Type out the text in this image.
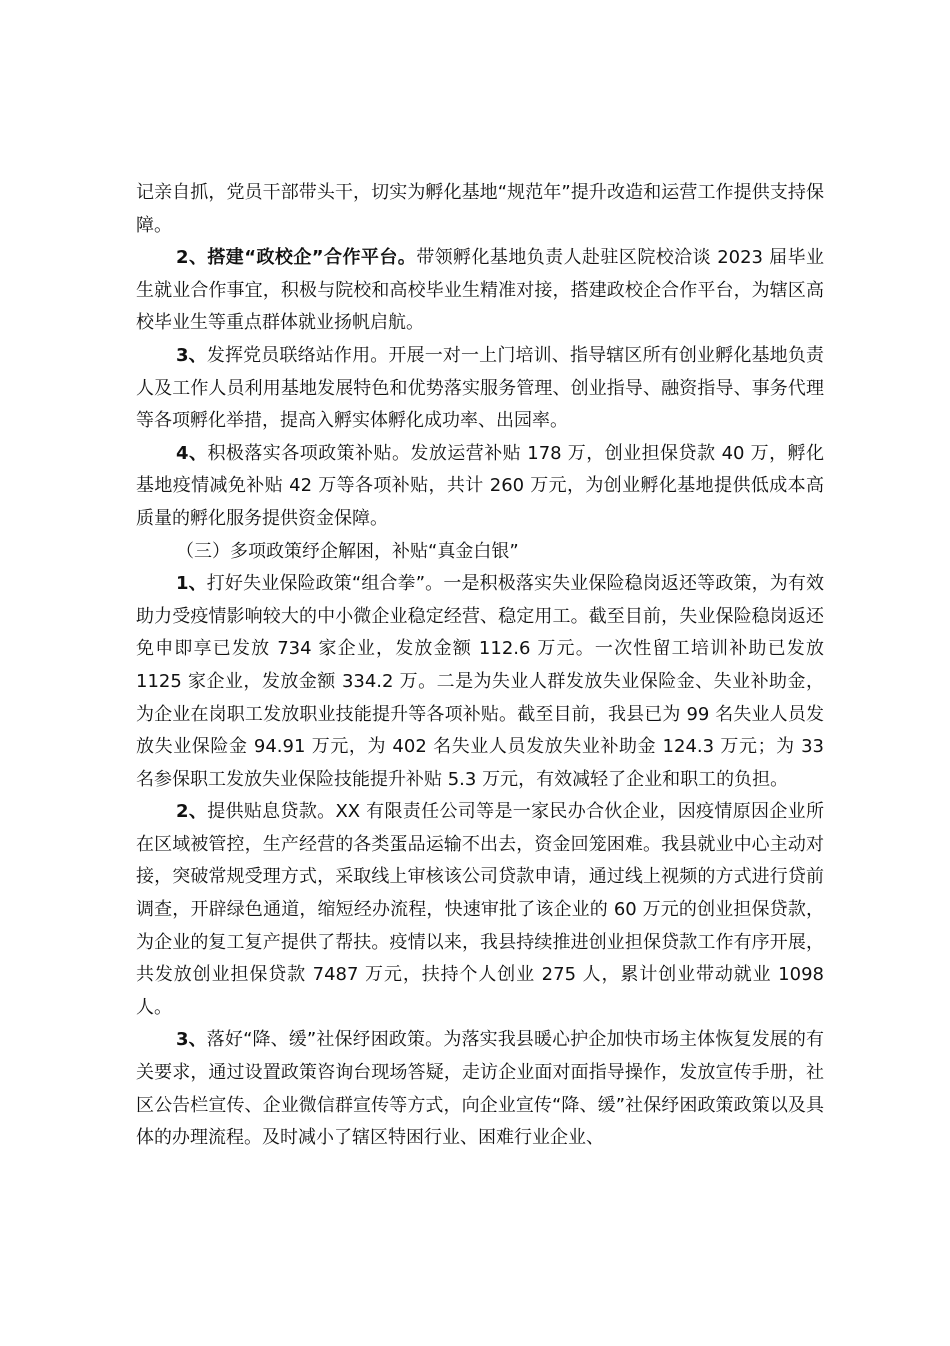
记亲自抓，党员干部带头干，切实为孵化基地“规范年”提升改造和运营工作提供支持保障。

2、搭建“政校企”合作平台。带领孵化基地负责人赴驻区院校洽谈 2023 届毕业生就业合作事宜，积极与院校和高校毕业生精准对接，搭建政校企合作平台，为辖区高校毕业生等重点群体就业扬帆启航。

3、发挥党员联络站作用。开展一对一上门培训、指导辖区所有创业孵化基地负责人及工作人员利用基地发展特色和优势落实服务管理、创业指导、融资指导、事务代理等各项孵化举措，提高入孵实体孵化成功率、出园率。

4、积极落实各项政策补贴。发放运营补贴 178 万，创业担保贷款 40 万，孵化基地疫情减免补贴 42 万等各项补贴，共计 260 万元，为创业孵化基地提供低成本高质量的孵化服务提供资金保障。

（三）多项政策纾企解困，补贴“真金白银”

1、打好失业保险政策“组合拳”。一是积极落实失业保险稳岗返还等政策，为有效助力受疫情影响较大的中小微企业稳定经营、稳定用工。截至目前，失业保险稳岗返还免申即享已发放 734 家企业，发放金额 112.6 万元。一次性留工培训补助已发放 1125 家企业，发放金额 334.2 万。二是为失业人群发放失业保险金、失业补助金，为企业在岗职工发放职业技能提升等各项补贴。截至目前，我县已为 99 名失业人员发放失业保险金 94.91 万元，为 402 名失业人员发放失业补助金 124.3 万元；为 33 名参保职工发放失业保险技能提升补贴 5.3 万元，有效减轻了企业和职工的负担。

2、提供贴息贷款。XX 有限责任公司等是一家民办合伙企业，因疫情原因企业所在区域被管控，生产经营的各类蛋品运输不出去，资金回笼困难。我县就业中心主动对接，突破常规受理方式，采取线上审核该公司贷款申请，通过线上视频的方式进行贷前调查，开辟绿色通道，缩短经办流程，快速审批了该企业的 60 万元的创业担保贷款，为企业的复工复产提供了帮扶。疫情以来，我县持续推进创业担保贷款工作有序开展，共发放创业担保贷款 7487 万元，扶持个人创业 275 人，累计创业带动就业 1098 人。

3、落好“降、缓”社保纾困政策。为落实我县暖心护企加快市场主体恢复发展的有关要求，通过设置政策咨询台现场答疑，走访企业面对面指导操作，发放宣传手册，社区公告栏宣传、企业微信群宣传等方式，向企业宣传“降、缓”社保纾困政策政策以及具体的办理流程。及时减小了辖区特困行业、困难行业企业、
